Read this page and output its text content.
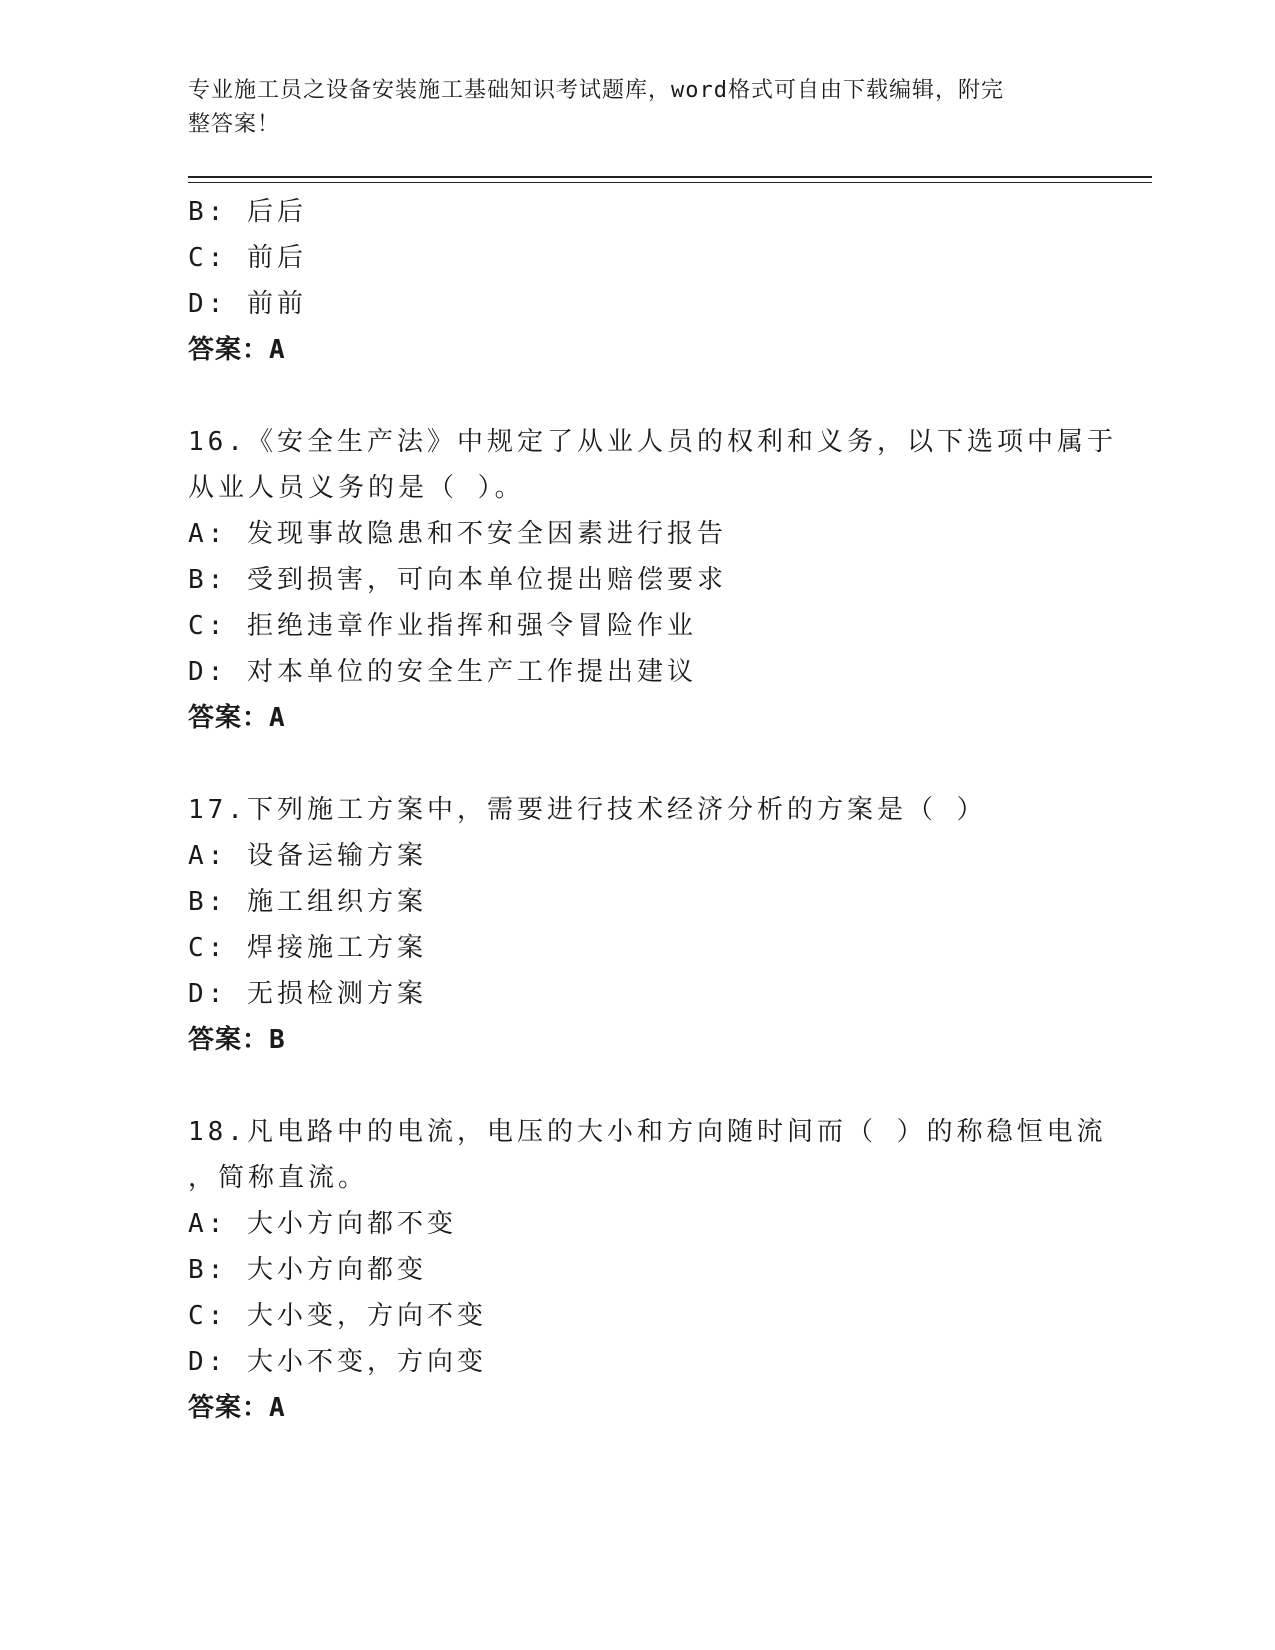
专业施工员之设备安装施工基础知识考试题库，word格式可自由下载编辑，附完
整答案！
B: 后后
C: 前后
D: 前前
答案：A
16.《安全生产法》中规定了从业人员的权利和义务，以下选项中属于
从业人员义务的是（ ）。
A: 发现事故隐患和不安全因素进行报告
B: 受到损害，可向本单位提出赔偿要求
C: 拒绝违章作业指挥和强令冒险作业
D: 对本单位的安全生产工作提出建议
答案：A
17.下列施工方案中，需要进行技术经济分析的方案是（ ）
A: 设备运输方案
B: 施工组织方案
C: 焊接施工方案
D: 无损检测方案
答案：B
18.凡电路中的电流，电压的大小和方向随时间而（ ）的称稳恒电流
，简称直流。
A: 大小方向都不变
B: 大小方向都变
C: 大小变，方向不变
D: 大小不变，方向变
答案：A
